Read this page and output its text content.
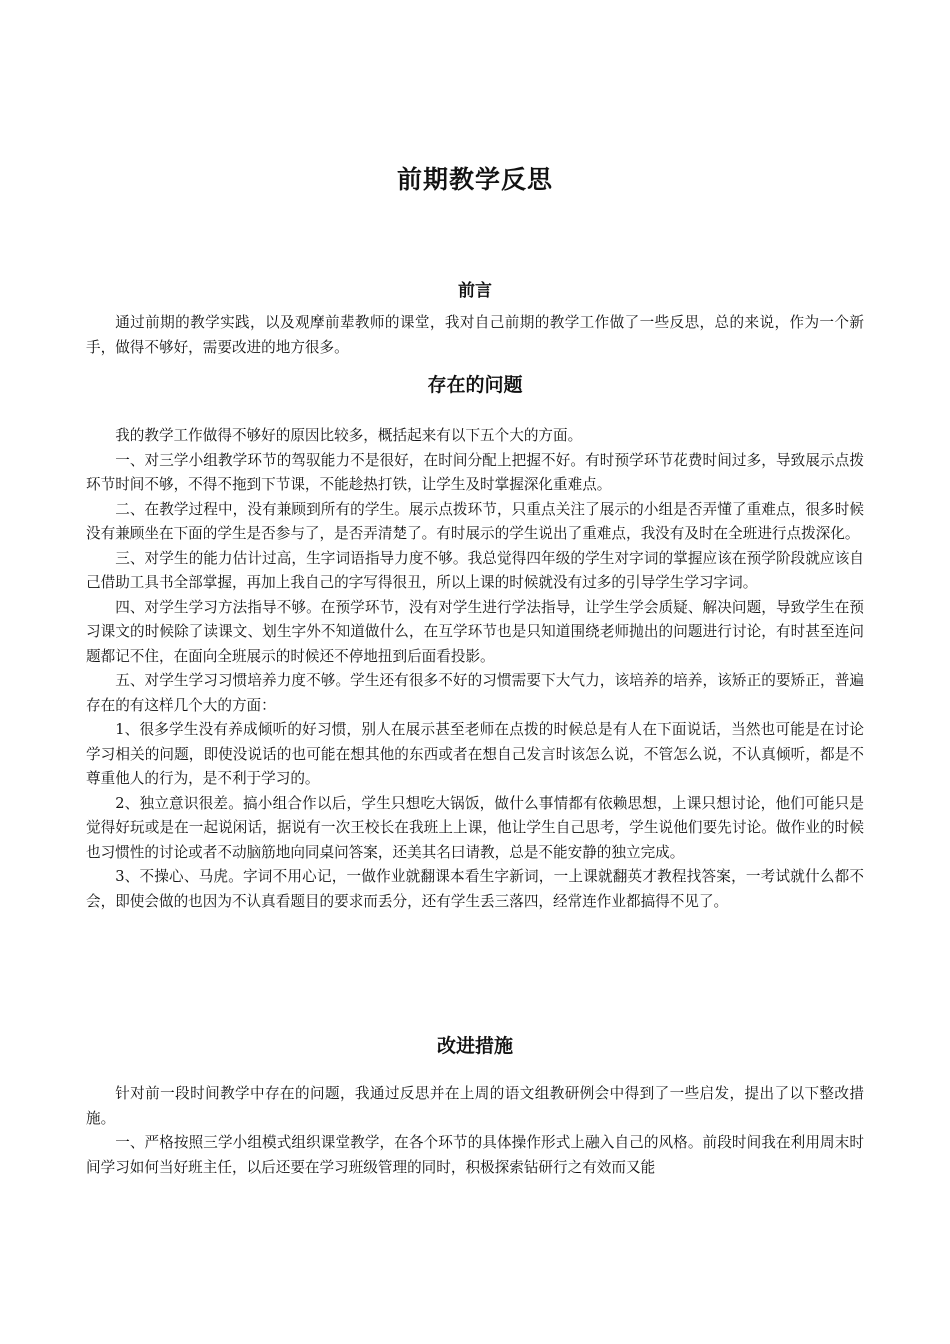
前期教学反思
前言

通过前期的教学实践，以及观摩前辈教师的课堂，我对自己前期的教学工作做了一些反思，总的来说，作为一个新手，做得不够好，需要改进的地方很多。

存在的问题

我的教学工作做得不够好的原因比较多，概括起来有以下五个大的方面。

一、对三学小组教学环节的驾驭能力不是很好，在时间分配上把握不好。有时预学环节花费时间过多，导致展示点拨环节时间不够，不得不拖到下节课，不能趁热打铁，让学生及时掌握深化重难点。

二、在教学过程中，没有兼顾到所有的学生。展示点拨环节，只重点关注了展示的小组是否弄懂了重难点，很多时候没有兼顾坐在下面的学生是否参与了，是否弄清楚了。有时展示的学生说出了重难点，我没有及时在全班进行点拨深化。

三、对学生的能力估计过高，生字词语指导力度不够。我总觉得四年级的学生对字词的掌握应该在预学阶段就应该自己借助工具书全部掌握，再加上我自己的字写得很丑，所以上课的时候就没有过多的引导学生学习字词。

四、对学生学习方法指导不够。在预学环节，没有对学生进行学法指导，让学生学会质疑、解决问题，导致学生在预习课文的时候除了读课文、划生字外不知道做什么，在互学环节也是只知道围绕老师抛出的问题进行讨论，有时甚至连问题都记不住，在面向全班展示的时候还不停地扭到后面看投影。

五、对学生学习习惯培养力度不够。学生还有很多不好的习惯需要下大气力，该培养的培养，该矫正的要矫正，普遍存在的有这样几个大的方面：

1、很多学生没有养成倾听的好习惯，别人在展示甚至老师在点拨的时候总是有人在下面说话，当然也可能是在讨论学习相关的问题，即使没说话的也可能在想其他的东西或者在想自己发言时该怎么说，不管怎么说，不认真倾听，都是不尊重他人的行为，是不利于学习的。

2、独立意识很差。搞小组合作以后，学生只想吃大锅饭，做什么事情都有依赖思想，上课只想讨论，他们可能只是觉得好玩或是在一起说闲话，据说有一次王校长在我班上上课，他让学生自己思考，学生说他们要先讨论。做作业的时候也习惯性的讨论或者不动脑筋地向同桌问答案，还美其名曰请教，总是不能安静的独立完成。

3、不操心、马虎。字词不用心记，一做作业就翻课本看生字新词，一上课就翻英才教程找答案，一考试就什么都不会，即使会做的也因为不认真看题目的要求而丢分，还有学生丢三落四，经常连作业都搞得不见了。

改进措施

针对前一段时间教学中存在的问题，我通过反思并在上周的语文组教研例会中得到了一些启发，提出了以下整改措施。

一、严格按照三学小组模式组织课堂教学，在各个环节的具体操作形式上融入自己的风格。前段时间我在利用周末时间学习如何当好班主任，以后还要在学习班级管理的同时，积极探索钻研行之有效而又能
